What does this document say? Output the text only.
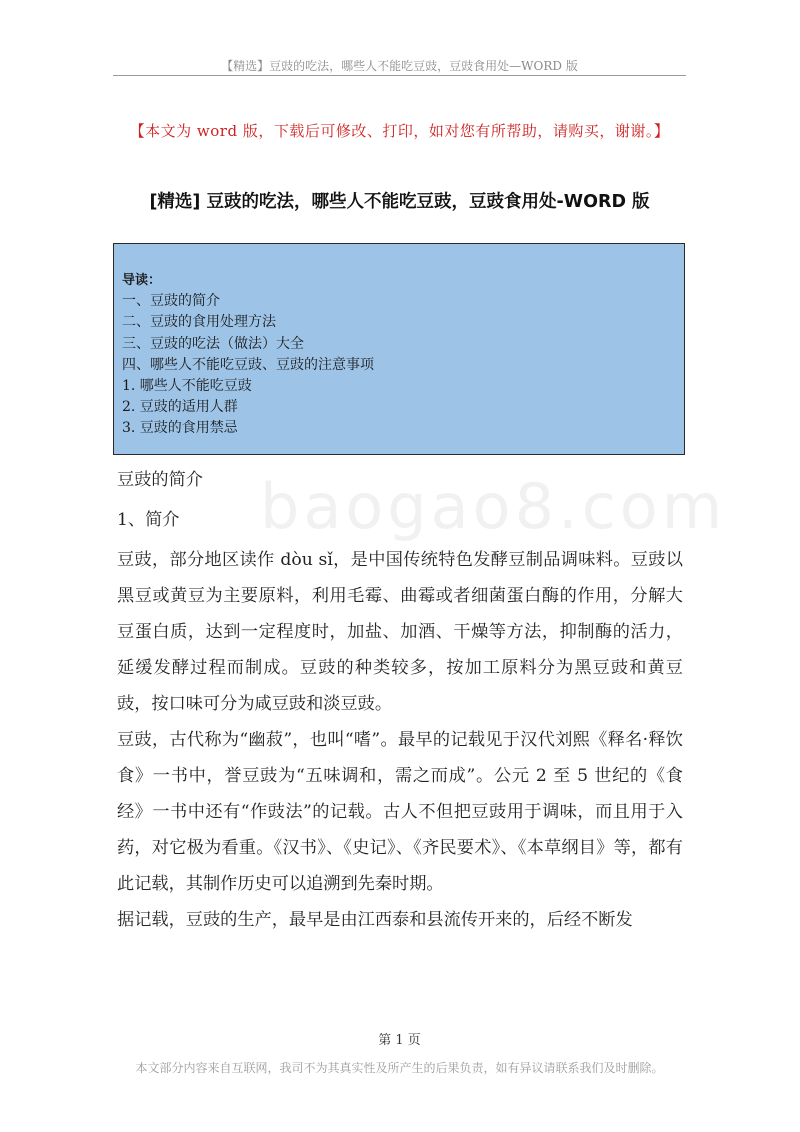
【精选】豆豉的吃法，哪些人不能吃豆豉，豆豉食用处—WORD 版
【本文为 word 版，下载后可修改、打印，如对您有所帮助，请购买，谢谢。】
[精选] 豆豉的吃法，哪些人不能吃豆豉，豆豉食用处-WORD 版
导读：
一、豆豉的简介
二、豆豉的食用处理方法
三、豆豉的吃法（做法）大全
四、哪些人不能吃豆豉、豆豉的注意事项
1. 哪些人不能吃豆豉
2. 豆豉的适用人群
3. 豆豉的食用禁忌
baogao8.com

豆豉的简介

1、简介

豆豉，部分地区读作 dòu sǐ，是中国传统特色发酵豆制品调味料。豆豉以黑豆或黄豆为主要原料，利用毛霉、曲霉或者细菌蛋白酶的作用，分解大豆蛋白质，达到一定程度时，加盐、加酒、干燥等方法，抑制酶的活力，延缓发酵过程而制成。豆豉的种类较多，按加工原料分为黑豆豉和黄豆豉，按口味可分为咸豆豉和淡豆豉。

豆豉，古代称为“幽菽”，也叫“嗜”。最早的记载见于汉代刘熙《释名·释饮食》一书中，誉豆豉为“五味调和，需之而成”。公元 2 至 5 世纪的《食经》一书中还有“作豉法”的记载。古人不但把豆豉用于调味，而且用于入药，对它极为看重。《汉书》、《史记》、《齐民要术》、《本草纲目》等，都有此记载，其制作历史可以追溯到先秦时期。

据记载，豆豉的生产，最早是由江西泰和县流传开来的，后经不断发

第 1 页
本文部分内容来自互联网，我司不为其真实性及所产生的后果负责，如有异议请联系我们及时删除。
